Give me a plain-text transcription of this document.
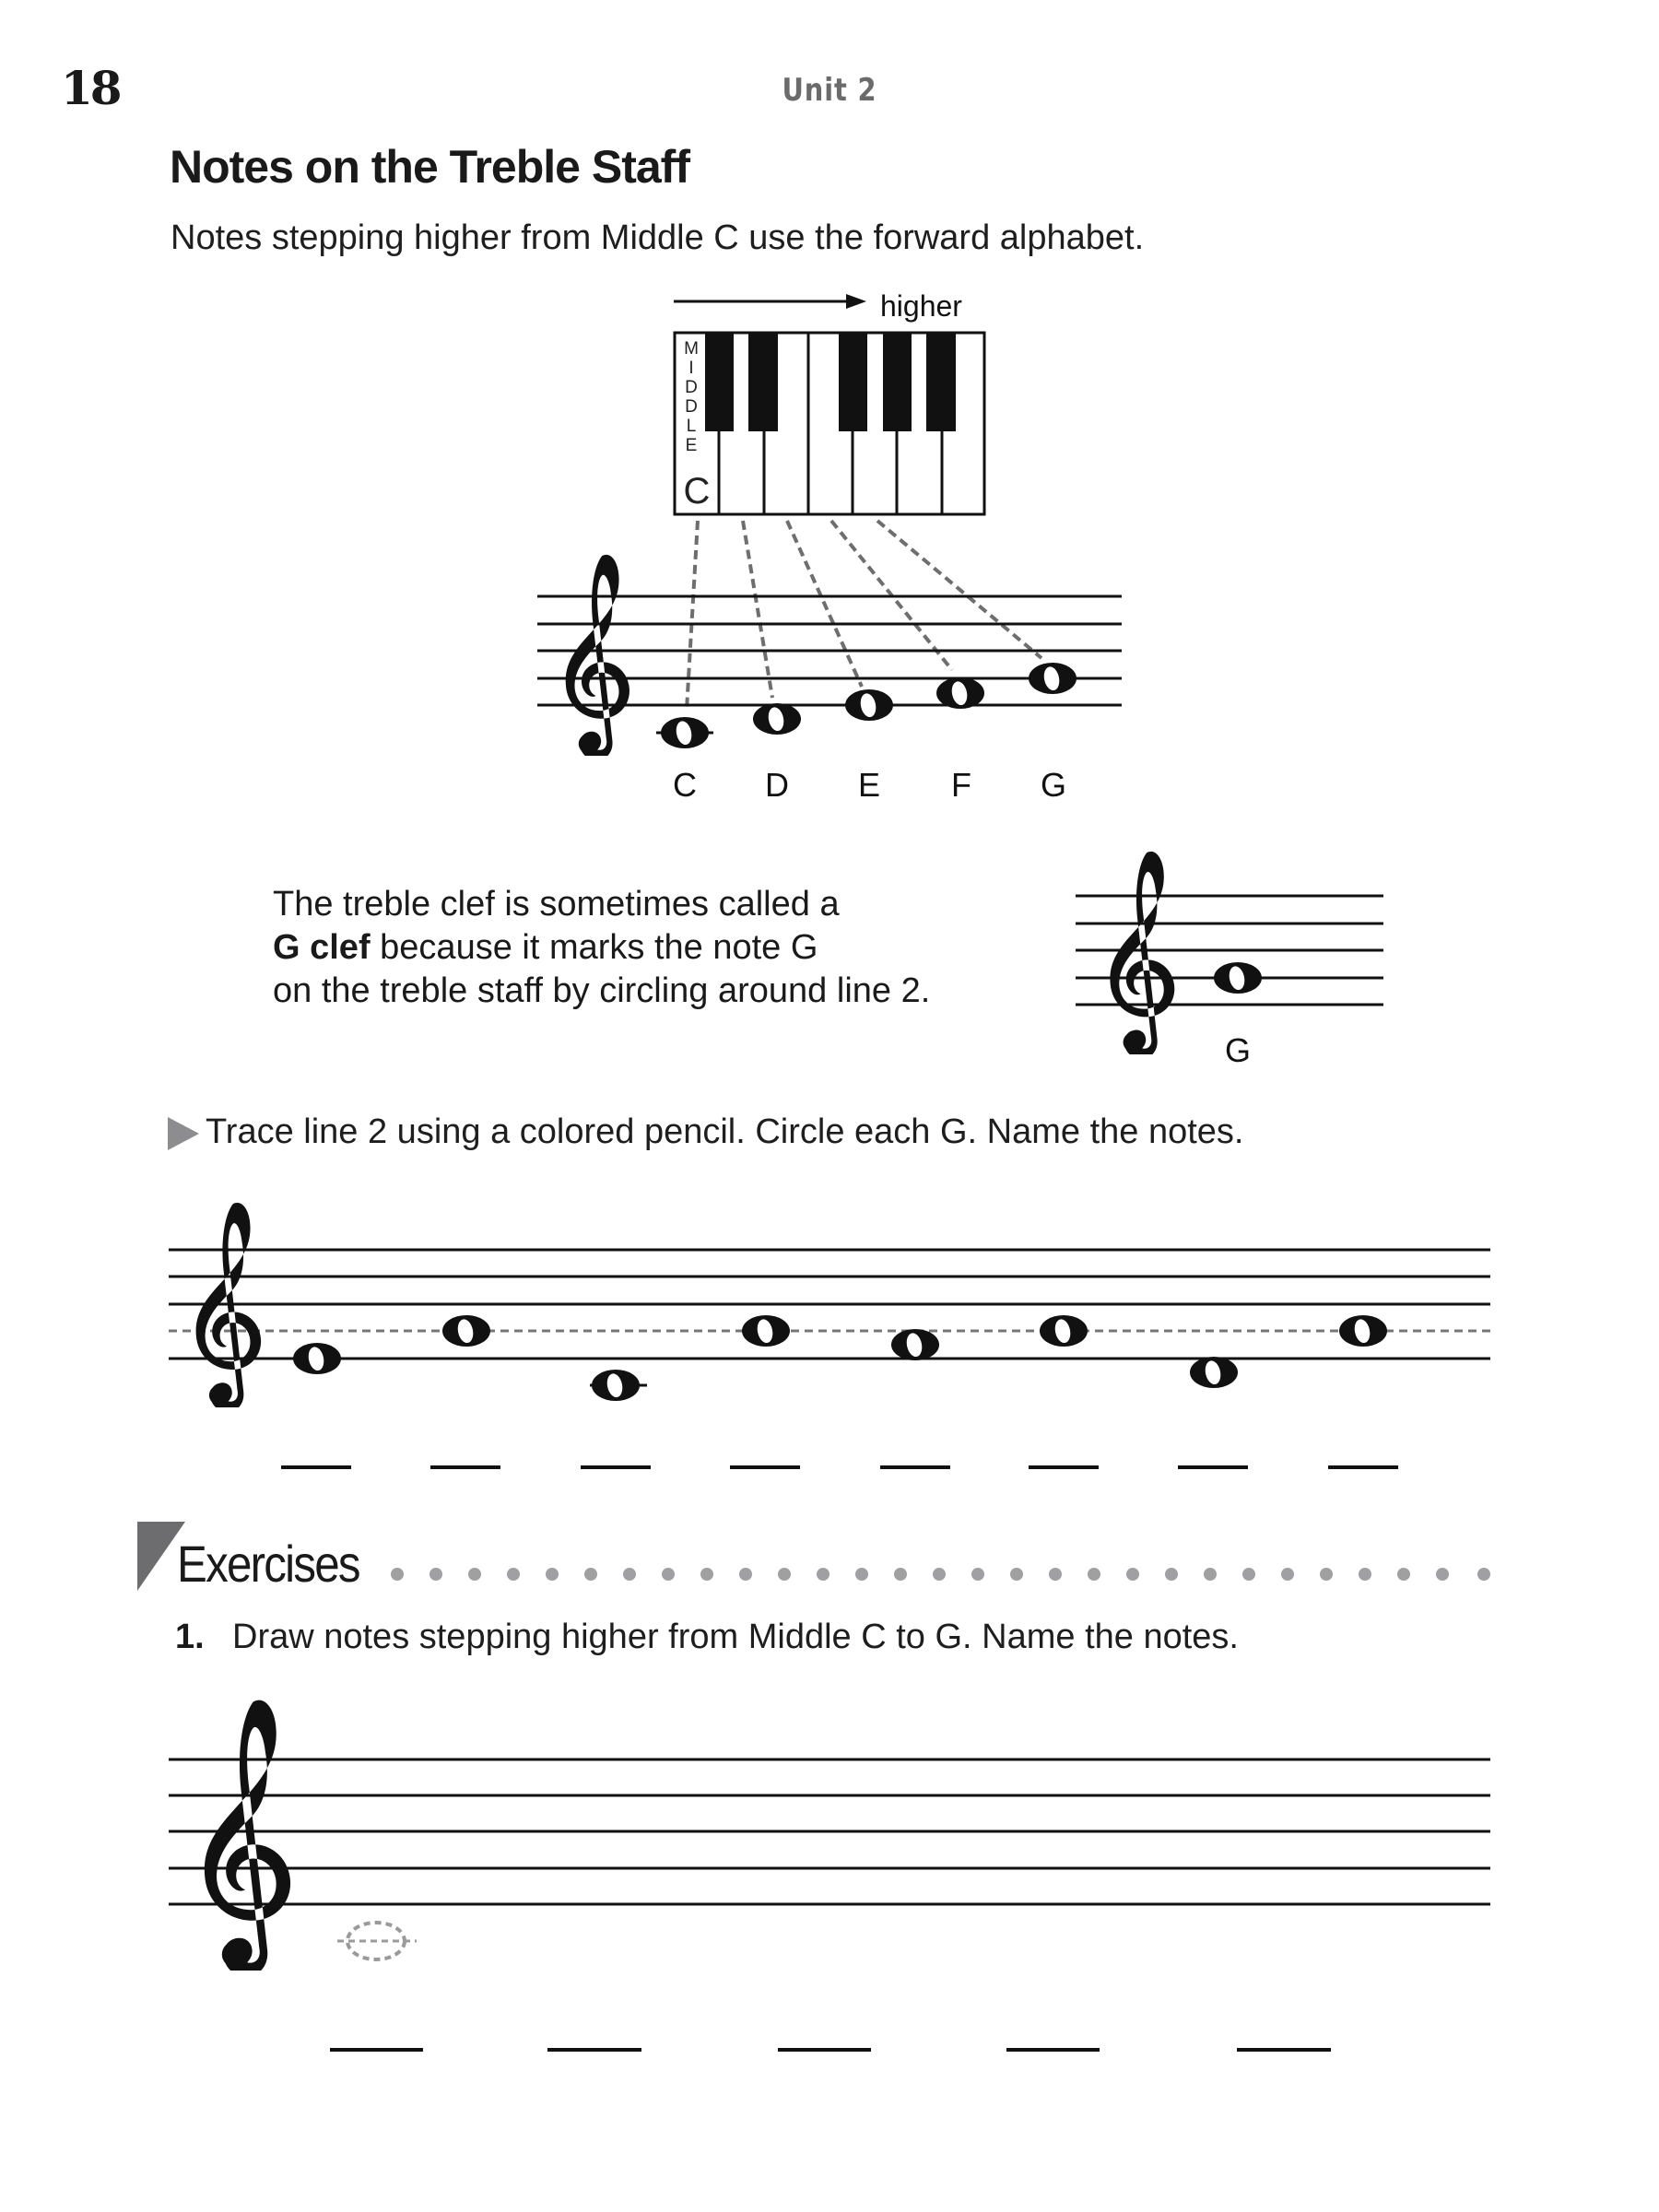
18	Unit 2
Notes on the Treble Staff
Notes stepping higher from Middle C use the forward alphabet.
higher
M
I
D
D
L
E
C
C D E F G
G
The treble clef is sometimes called a
G clef because it marks the note G
on the treble staff by circling around line 2.
Trace line 2 using a colored pencil. Circle each G. Name the notes.
Exercises
1. Draw notes stepping higher from Middle C to G. Name the notes.
